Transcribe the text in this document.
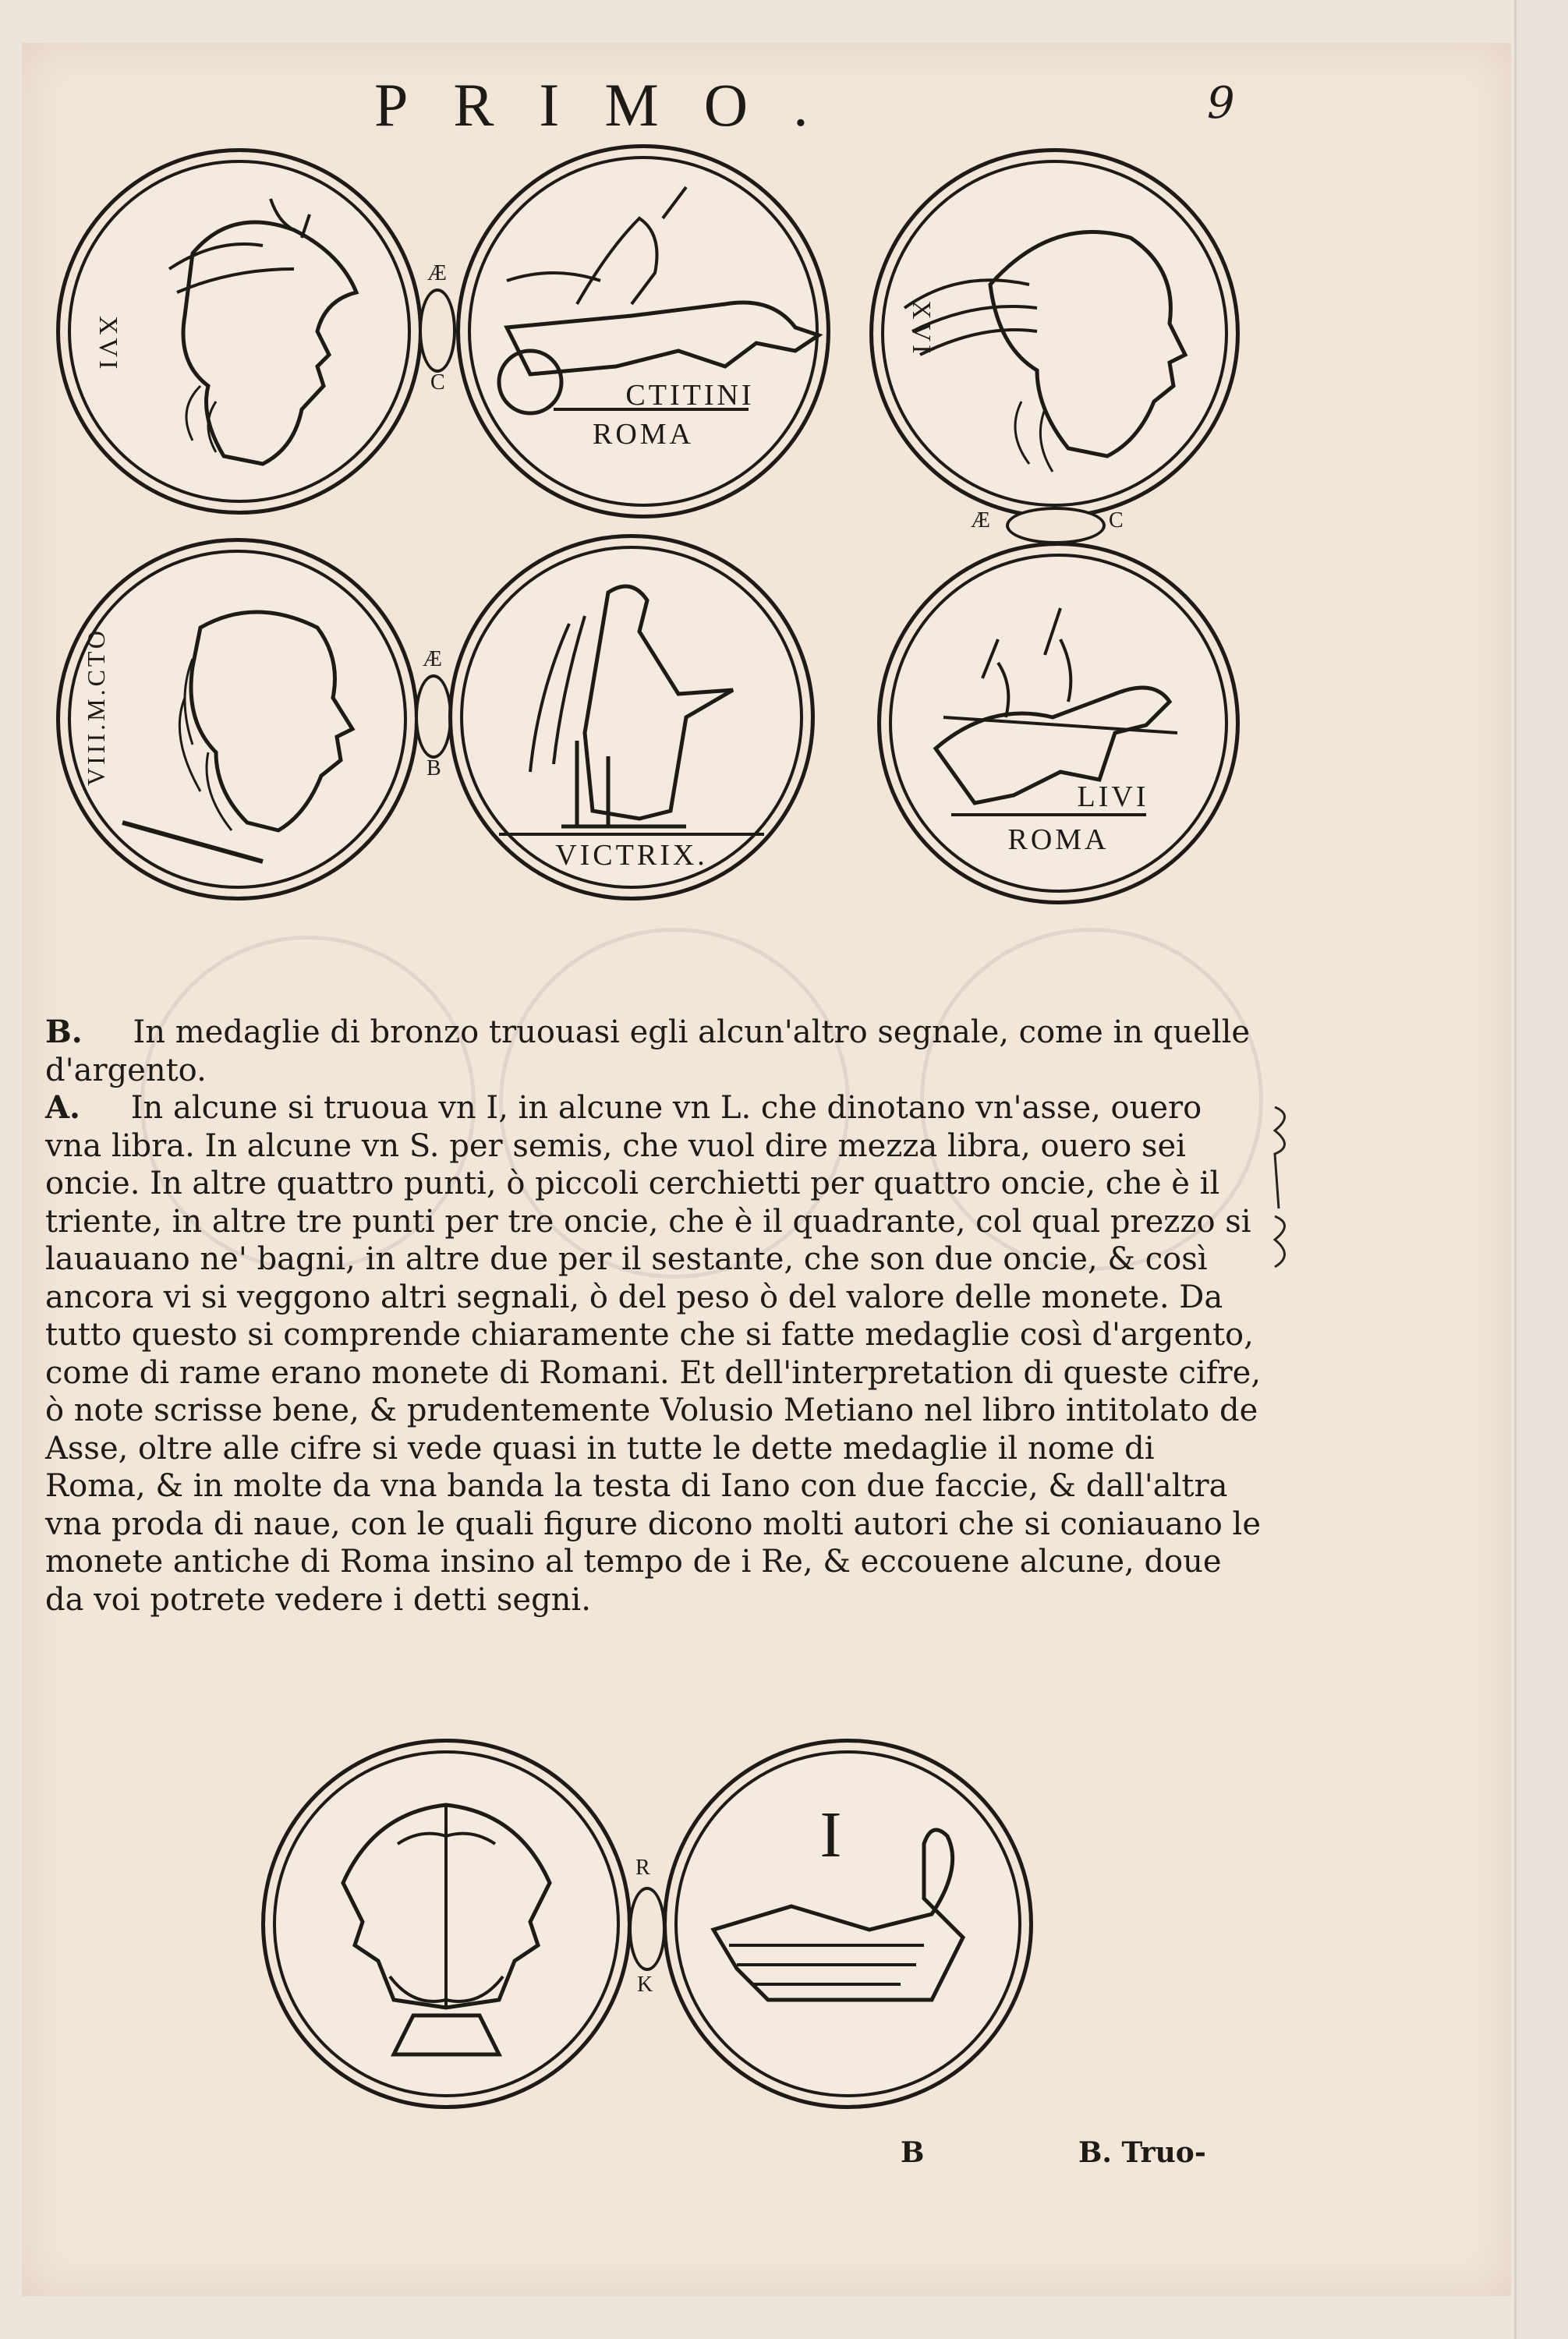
PRIMO.	9
XVI
Æ
C	CTITINI
ROMA
XVI
Æ	C
VIII.M.CTO	Æ
B
VICTRIX.
LIVI
ROMA

B. In medaglie di bronzo truouasi egli alcun'altro segnale, come in quelle d'argento.

A. In alcune si truoua vn I, in alcune vn L. che dinotano vn'asse, ouero vna libra. In alcune vn S. per semis, che vuol dire mezza libra, ouero sei oncie. In altre quattro punti, ò piccoli cerchietti per quattro oncie, che è il triente, in altre tre punti per tre oncie, che è il quadrante, col qual prezzo si lauauano ne' bagni, in altre due per il sestante, che son due oncie, & così ancora vi si veggono altri segnali, ò del peso ò del valore delle monete. Da tutto questo si comprende chiaramente che si fatte medaglie così d'argento, come di rame erano monete di Romani. Et dell'interpretation di queste cifre, ò note scrisse bene, & prudentemente Volusio Metiano nel libro intitolato de Asse, oltre alle cifre si vede quasi in tutte le dette medaglie il nome di Roma, & in molte da vna banda la testa di Iano con due faccie, & dall'altra vna proda di naue, con le quali figure dicono molti autori che si coniauano le monete antiche di Roma insino al tempo de i Re, & eccouene alcune, doue da voi potrete vedere i detti segni.

R
K
I
B	B. Truo-
